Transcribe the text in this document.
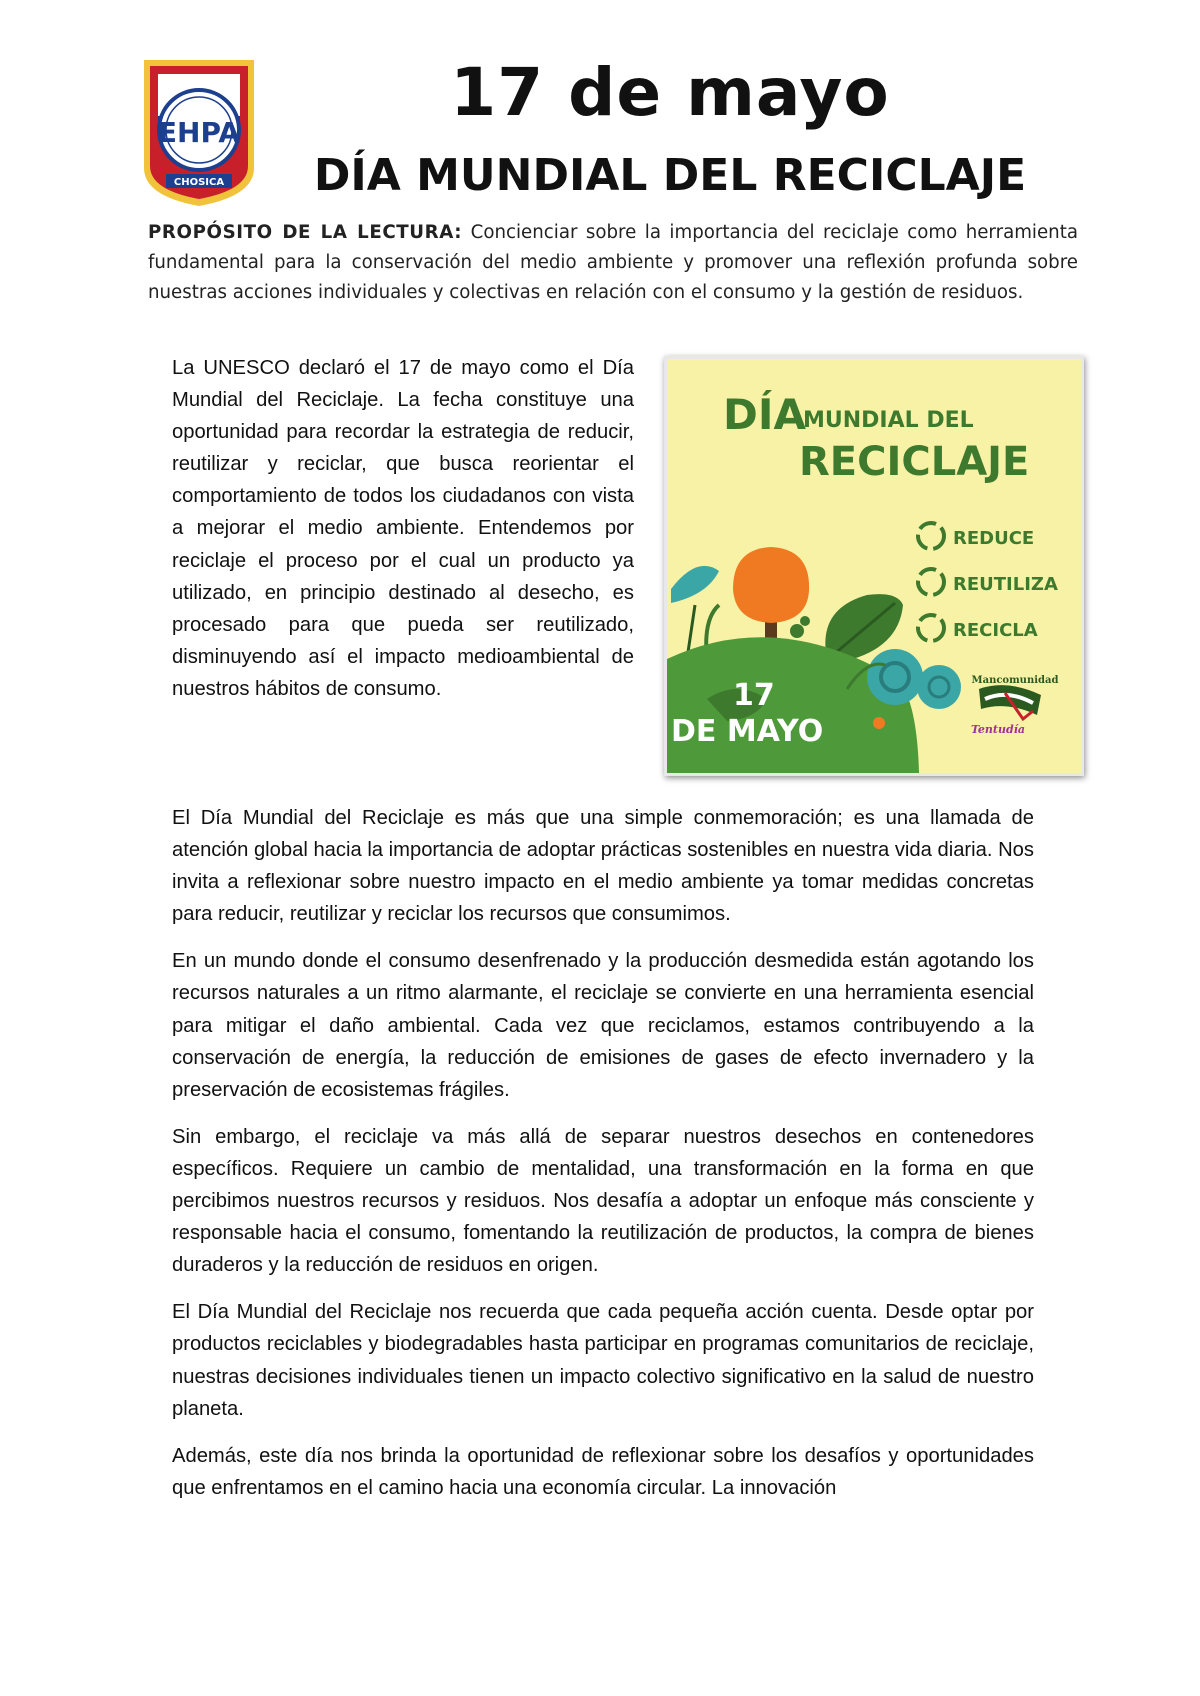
EHPA
CHOSICA
17 de mayo
DÍA MUNDIAL DEL RECICLAJE

PROPÓSITO DE LA LECTURA: Concienciar sobre la importancia del reciclaje como herramienta fundamental para la conservación del medio ambiente y promover una reflexión profunda sobre nuestras acciones individuales y colectivas en relación con el consumo y la gestión de residuos.

La UNESCO declaró el 17 de mayo como el Día Mundial del Reciclaje. La fecha constituye una oportunidad para recordar la estrategia de reducir, reutilizar y reciclar, que busca reorientar el comportamiento de todos los ciudadanos con vista a mejorar el medio ambiente. Entendemos por reciclaje el proceso por el cual un producto ya utilizado, en principio destinado al desecho, es procesado para que pueda ser reutilizado, disminuyendo así el impacto medioambiental de nuestros hábitos de consumo.

DÍA
MUNDIAL DEL
RECICLAJE
REDUCE
REUTILIZA
RECICLA
17
DE MAYO
Mancomunidad
Tentudía

El Día Mundial del Reciclaje es más que una simple conmemoración; es una llamada de atención global hacia la importancia de adoptar prácticas sostenibles en nuestra vida diaria. Nos invita a reflexionar sobre nuestro impacto en el medio ambiente ya tomar medidas concretas para reducir, reutilizar y reciclar los recursos que consumimos.

En un mundo donde el consumo desenfrenado y la producción desmedida están agotando los recursos naturales a un ritmo alarmante, el reciclaje se convierte en una herramienta esencial para mitigar el daño ambiental. Cada vez que reciclamos, estamos contribuyendo a la conservación de energía, la reducción de emisiones de gases de efecto invernadero y la preservación de ecosistemas frágiles.

Sin embargo, el reciclaje va más allá de separar nuestros desechos en contenedores específicos. Requiere un cambio de mentalidad, una transformación en la forma en que percibimos nuestros recursos y residuos. Nos desafía a adoptar un enfoque más consciente y responsable hacia el consumo, fomentando la reutilización de productos, la compra de bienes duraderos y la reducción de residuos en origen.

El Día Mundial del Reciclaje nos recuerda que cada pequeña acción cuenta. Desde optar por productos reciclables y biodegradables hasta participar en programas comunitarios de reciclaje, nuestras decisiones individuales tienen un impacto colectivo significativo en la salud de nuestro planeta.

Además, este día nos brinda la oportunidad de reflexionar sobre los desafíos y oportunidades que enfrentamos en el camino hacia una economía circular. La innovación
